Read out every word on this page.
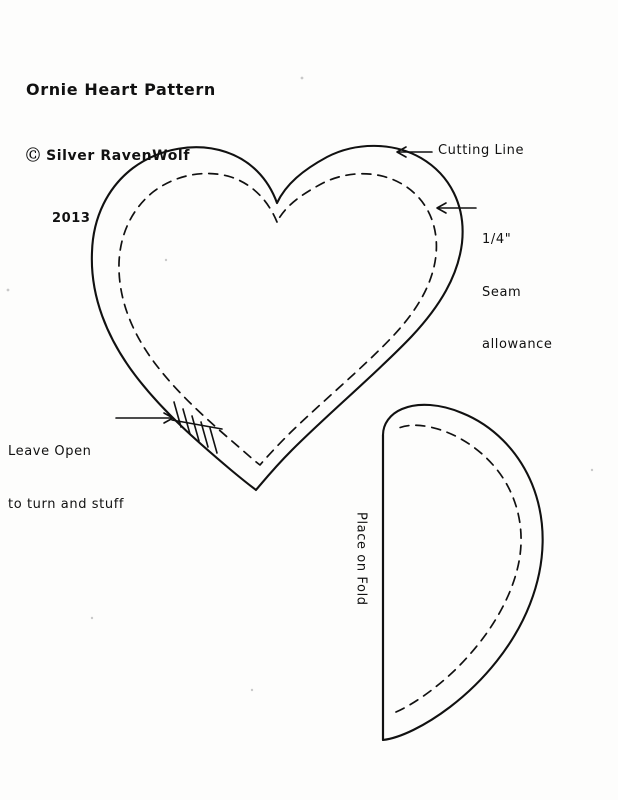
Ornie Heart Pattern

Ⓒ Silver RavenWolf

2013

Cutting Line

1/4"

Seam

allowance

Leave Open

to turn and stuff

Place on Fold
